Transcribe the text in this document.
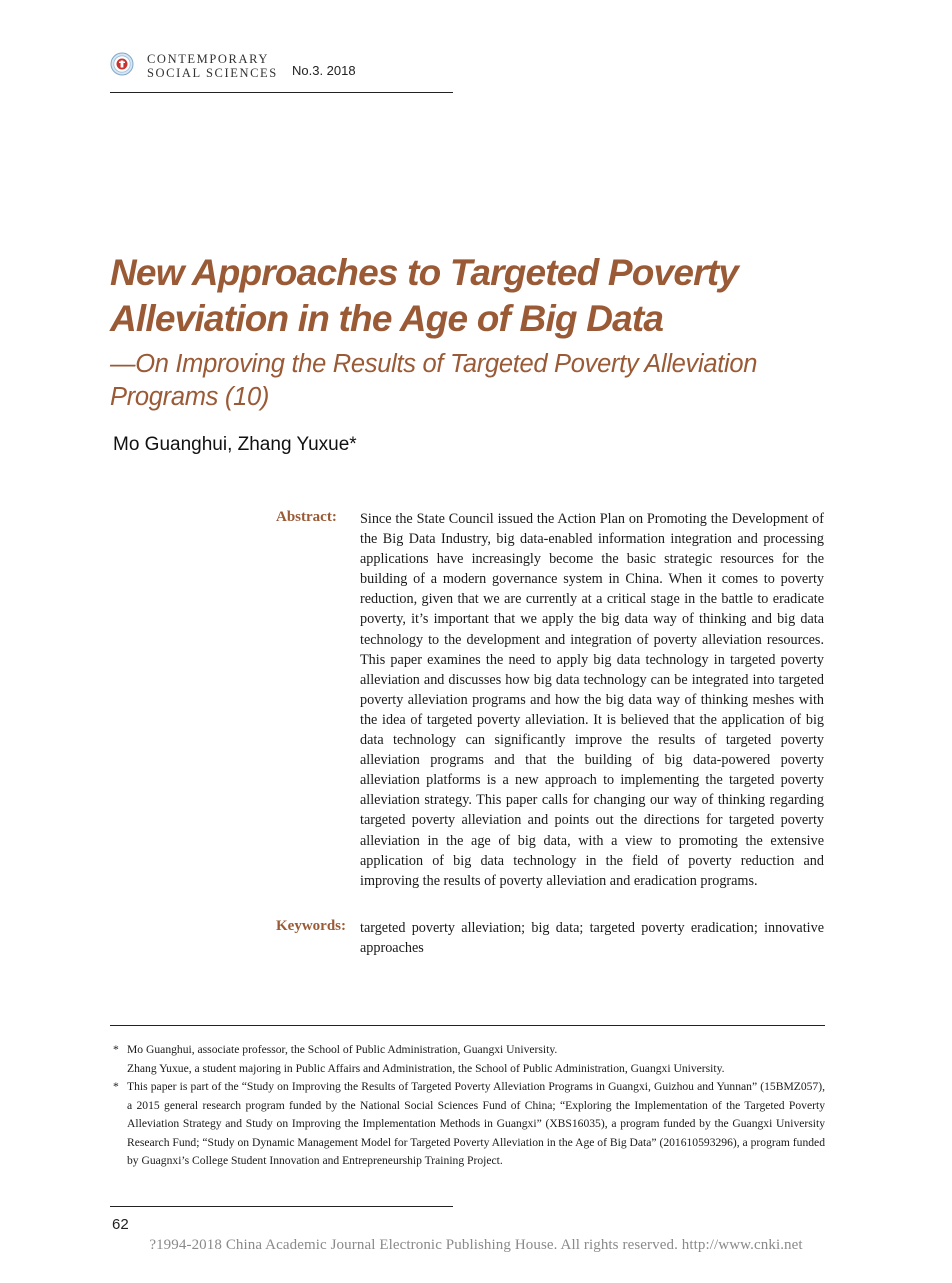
CONTEMPORARY
SOCIAL SCIENCES No.3. 2018
New Approaches to Targeted Poverty Alleviation in the Age of Big Data
—On Improving the Results of Targeted Poverty Alleviation Programs (10)
Mo Guanghui, Zhang Yuxue*
Abstract: Since the State Council issued the Action Plan on Promoting the Development of the Big Data Industry, big data-enabled information integration and processing applications have increasingly become the basic strategic resources for the building of a modern governance system in China. When it comes to poverty reduction, given that we are currently at a critical stage in the battle to eradicate poverty, it’s important that we apply the big data way of thinking and big data technology to the development and integration of poverty alleviation resources. This paper examines the need to apply big data technology in targeted poverty alleviation and discusses how big data technology can be integrated into targeted poverty alleviation programs and how the big data way of thinking meshes with the idea of targeted poverty alleviation. It is believed that the application of big data technology can significantly improve the results of targeted poverty alleviation programs and that the building of big data-powered poverty alleviation platforms is a new approach to implementing the targeted poverty alleviation strategy. This paper calls for changing our way of thinking regarding targeted poverty alleviation and points out the directions for targeted poverty alleviation in the age of big data, with a view to promoting the extensive application of big data technology in the field of poverty reduction and improving the results of poverty alleviation and eradication programs.
Keywords: targeted poverty alleviation; big data; targeted poverty eradication; innovative approaches
* Mo Guanghui, associate professor, the School of Public Administration, Guangxi University.
Zhang Yuxue, a student majoring in Public Affairs and Administration, the School of Public Administration, Guangxi University.
* This paper is part of the “Study on Improving the Results of Targeted Poverty Alleviation Programs in Guangxi, Guizhou and Yunnan” (15BMZ057), a 2015 general research program funded by the National Social Sciences Fund of China; “Exploring the Implementation of the Targeted Poverty Alleviation Strategy and Study on Improving the Implementation Methods in Guangxi” (XBS16035), a program funded by the Guangxi University Research Fund; “Study on Dynamic Management Model for Targeted Poverty Alleviation in the Age of Big Data” (201610593296), a program funded by Guagnxi’s College Student Innovation and Entrepreneurship Training Project.
62
?1994-2018 China Academic Journal Electronic Publishing House. All rights reserved. http://www.cnki.net
